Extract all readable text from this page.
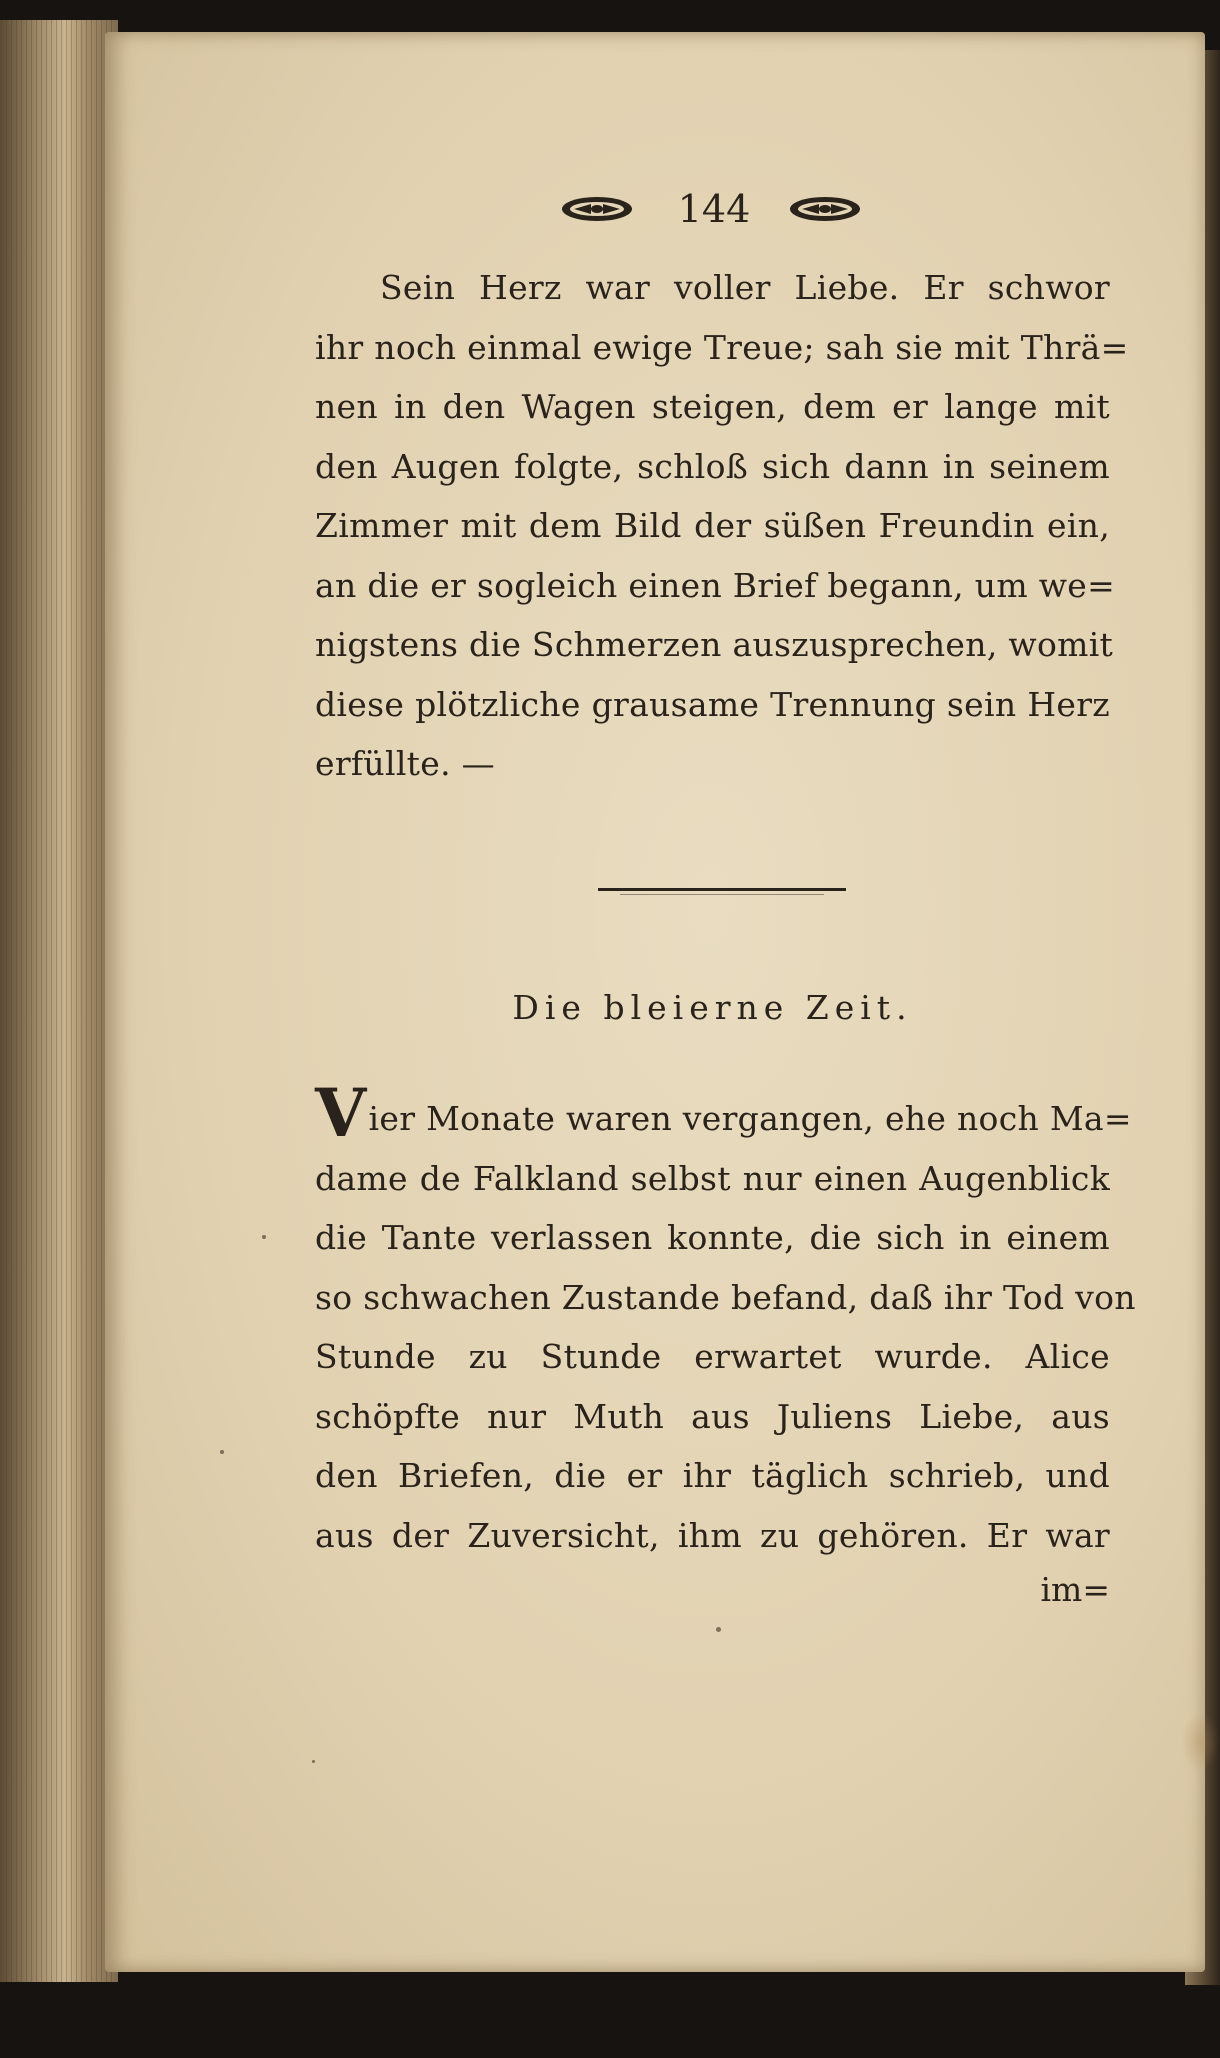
144
Sein Herz war voller Liebe. Er schwor
ihr noch einmal ewige Treue; sah sie mit Thrä=
nen in den Wagen steigen, dem er lange mit
den Augen folgte, schloß sich dann in seinem
Zimmer mit dem Bild der süßen Freundin ein,
an die er sogleich einen Brief begann, um we=
nigstens die Schmerzen auszusprechen, womit
diese plötzliche grausame Trennung sein Herz
erfüllte. —
Die bleierne Zeit.
Vier Monate waren vergangen, ehe noch Ma=
dame de Falkland selbst nur einen Augenblick
die Tante verlassen konnte, die sich in einem
so schwachen Zustande befand, daß ihr Tod von
Stunde zu Stunde erwartet wurde. Alice
schöpfte nur Muth aus Juliens Liebe, aus
den Briefen, die er ihr täglich schrieb, und
aus der Zuversicht, ihm zu gehören. Er war
im=
